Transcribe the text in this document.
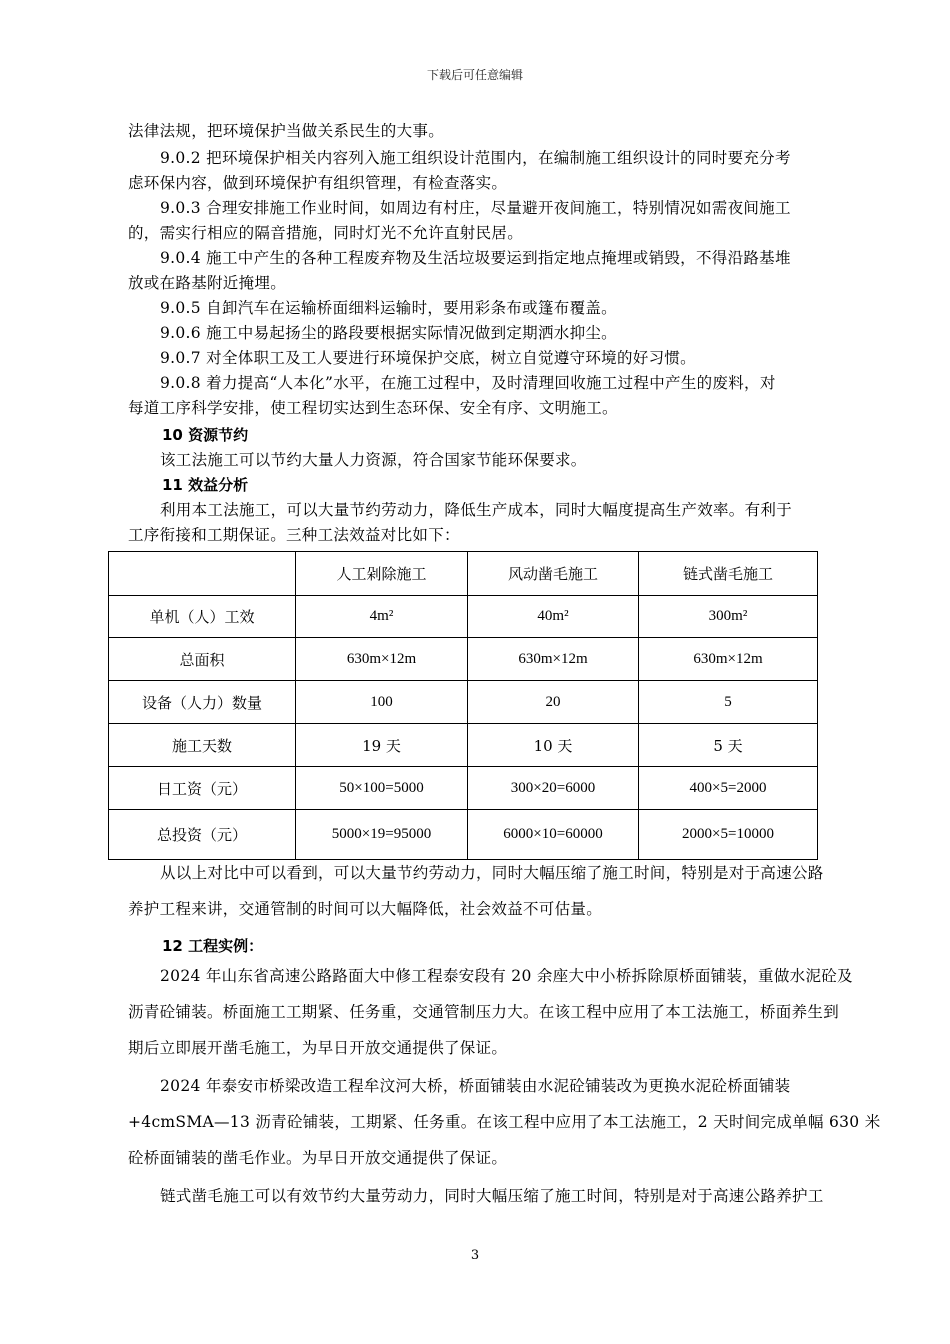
下载后可任意编辑
法律法规，把环境保护当做关系民生的大事。
9.0.2 把环境保护相关内容列入施工组织设计范围内，在编制施工组织设计的同时要充分考
虑环保内容，做到环境保护有组织管理，有检查落实。
9.0.3 合理安排施工作业时间，如周边有村庄，尽量避开夜间施工，特别情况如需夜间施工
的，需实行相应的隔音措施，同时灯光不允许直射民居。
9.0.4 施工中产生的各种工程废弃物及生活垃圾要运到指定地点掩埋或销毁，不得沿路基堆
放或在路基附近掩埋。
9.0.5 自卸汽车在运输桥面细料运输时，要用彩条布或篷布覆盖。
9.0.6 施工中易起扬尘的路段要根据实际情况做到定期洒水抑尘。
9.0.7 对全体职工及工人要进行环境保护交底，树立自觉遵守环境的好习惯。
9.0.8 着力提高“人本化”水平，在施工过程中，及时清理回收施工过程中产生的废料，对
每道工序科学安排，使工程切实达到生态环保、安全有序、文明施工。
10 资源节约
该工法施工可以节约大量人力资源，符合国家节能环保要求。
11 效益分析
利用本工法施工，可以大量节约劳动力，降低生产成本，同时大幅度提高生产效率。有利于
工序衔接和工期保证。三种工法效益对比如下：
	人工剁除施工	风动凿毛施工	链式凿毛施工
单机（人）工效	4m²	40m²	300m²
总面积	630m×12m	630m×12m	630m×12m
设备（人力）数量	100	20	5
施工天数	19 天	10 天	5 天
日工资（元）	50×100=5000	300×20=6000	400×5=2000
总投资（元）	5000×19=95000	6000×10=60000	2000×5=10000
从以上对比中可以看到，可以大量节约劳动力，同时大幅压缩了施工时间，特别是对于高速公路
养护工程来讲，交通管制的时间可以大幅降低，社会效益不可估量。
12 工程实例：
2024 年山东省高速公路路面大中修工程泰安段有 20 余座大中小桥拆除原桥面铺装，重做水泥砼及
沥青砼铺装。桥面施工工期紧、任务重，交通管制压力大。在该工程中应用了本工法施工，桥面养生到
期后立即展开凿毛施工，为早日开放交通提供了保证。
2024 年泰安市桥梁改造工程牟汶河大桥，桥面铺装由水泥砼铺装改为更换水泥砼桥面铺装
+4cmSMA—13 沥青砼铺装，工期紧、任务重。在该工程中应用了本工法施工，2 天时间完成单幅 630 米
砼桥面铺装的凿毛作业。为早日开放交通提供了保证。
链式凿毛施工可以有效节约大量劳动力，同时大幅压缩了施工时间，特别是对于高速公路养护工
3
